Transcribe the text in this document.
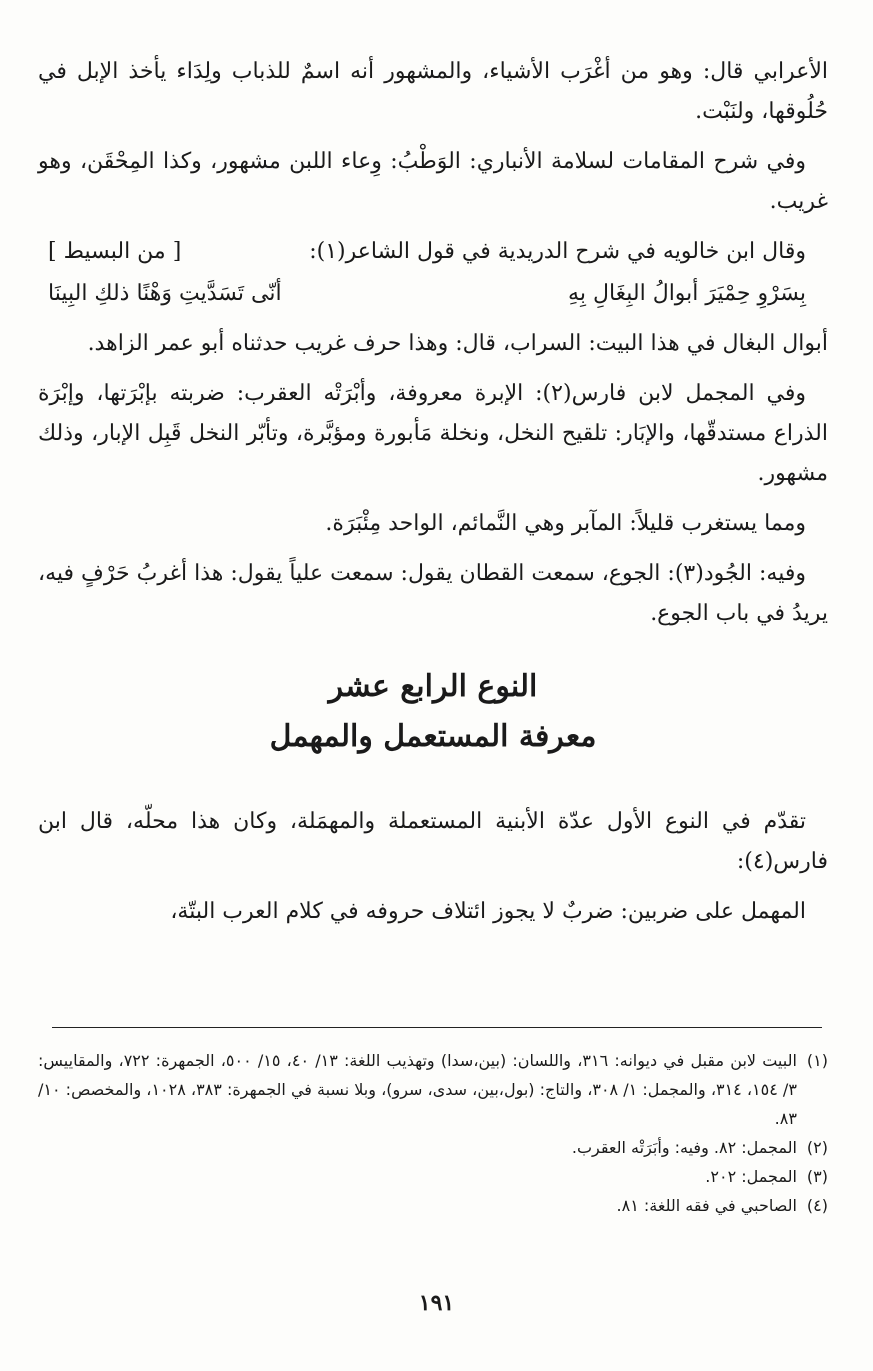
الأعرابي قال: وهو من أغْرَب الأشياء، والمشهور أنه اسمٌ للذباب ولِدَاء يأخذ الإبل في حُلُوقها، ولنَبْت.

وفي شرح المقامات لسلامة الأنباري: الوَطْبُ: وِعاء اللبن مشهور، وكذا المِحْقَن، وهو غريب.

وقال ابن خالويه في شرح الدريدية في قول الشاعر(١):
[ من البسيط ]
بِسَرْوِ حِمْيَرَ أبوالُ البِغَالِ بِهِ
أنّى تَسَدَّيتِ وَهْنًا ذلكِ البِينَا

أبوال البغال في هذا البيت: السراب، قال: وهذا حرف غريب حدثناه أبو عمر الزاهد.

وفي المجمل لابن فارس(٢): الإبرة معروفة، وأبْرَتْه العقرب: ضربته بإبْرَتها، وإبْرَة الذراع مستدقّها، والإبَار: تلقيح النخل، ونخلة مَأبورة ومؤبَّرة، وتأبّر النخل قَبِل الإبار، وذلك مشهور.

ومما يستغرب قليلاً: المآبر وهي النَّمائم، الواحد مِئْبَرَة.

وفيه: الجُود(٣): الجوع، سمعت القطان يقول: سمعت علياً يقول: هذا أغربُ حَرْفٍ فيه، يريدُ في باب الجوع.

النوع الرابع عشر
معرفة المستعمل والمهمل

تقدّم في النوع الأول عدّة الأبنية المستعملة والمهمَلة، وكان هذا محلّه، قال ابن فارس(٤):

المهمل على ضربين: ضربٌ لا يجوز ائتلاف حروفه في كلام العرب البتّة،

(١)
البيت لابن مقبل في ديوانه: ٣١٦، واللسان: (بين،سدا) وتهذيب اللغة: ١٣/ ٤٠، ١٥/ ٥٠٠، الجمهرة: ٧٢٢، والمقاييس: ٣/ ١٥٤، ٣١٤، والمجمل: ١/ ٣٠٨، والتاج: (بول،بين، سدى، سرو)، وبلا نسبة في الجمهرة: ٣٨٣، ١٠٢٨، والمخصص: ١٠/ ٨٣.
(٢)
المجمل: ٨٢. وفيه: وأبَرَتْه العقرب.
(٣)
المجمل: ٢٠٢.
(٤)
الصاحبي في فقه اللغة: ٨١.
١٩١
